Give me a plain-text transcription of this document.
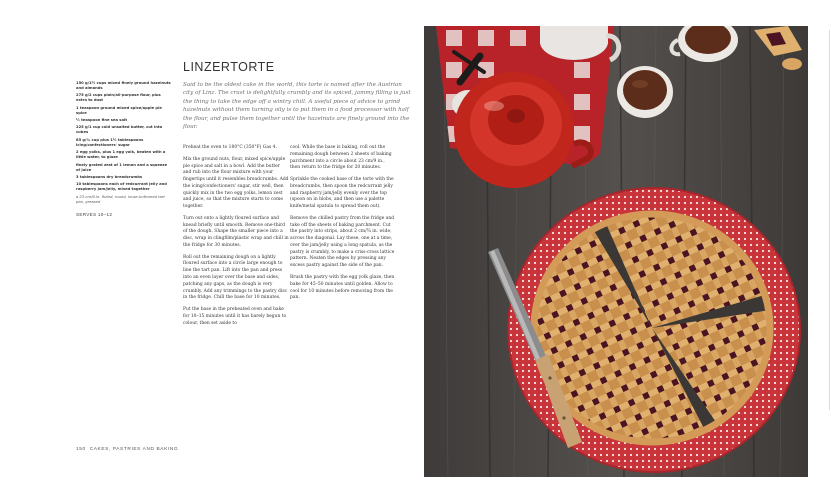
LINZERTORTE
150 g/1½ cups mixed finely ground hazelnuts and almonds
275 g/2 cups plain/all-purpose flour, plus extra to dust
1 teaspoon ground mixed spice/apple pie spice
½ teaspoon fine sea salt
225 g/1 cup cold unsalted butter, cut into cubes
85 g/¾ cup plus 1½ tablespoons icing/confectioners' sugar
2 egg yolks, plus 1 egg yolk, beaten with a little water, to glaze
finely grated zest of 1 lemon and a squeeze of juice
3 tablespoons dry breadcrumbs
10 tablespoons each of redcurrant jelly and raspberry jam/jelly, mixed together
a 23-cm/9-in. fluted, round, loose-bottomed tart pan, greased
SERVES 10–12

Said to be the oldest cake in the world, this torte is named after the Austrian city of Linz. The crust is delightfully crumbly and its spiced, jammy filling is just the thing to take the edge off a wintry chill. A useful piece of advice to grind hazelnuts without them turning oily is to put them in a food processor with half the flour, and pulse them together until the hazelnuts are finely ground into the flour.

Preheat the oven to 180°C (350°F) Gas 4.

Mix the ground nuts, flour, mixed spice/apple pie spice and salt in a bowl. Add the butter and rub into the flour mixture with your fingertips until it resembles breadcrumbs. Add the icing/confectioners' sugar, stir well, then quickly mix in the two egg yolks, lemon zest and juice, so that the mixture starts to come together.

Turn out onto a lightly floured surface and knead briefly until smooth. Remove one-third of the dough. Shape the smaller piece into a disc, wrap in clingfilm/plastic wrap and chill in the fridge for 30 minutes.

Roll out the remaining dough on a lightly floured surface into a circle large enough to line the tart pan. Lift into the pan and press into an even layer over the base and sides, patching any gaps, as the dough is very crumbly. Add any trimmings to the pastry disc in the fridge. Chill the base for 10 minutes.

Put the base in the preheated oven and bake for 10–15 minutes until it has barely begun to colour, then set aside to

cool. While the base is baking, roll out the remaining dough between 2 sheets of baking parchment into a circle about 23 cm/9 in., then return to the fridge for 20 minutes.

Sprinkle the cooked base of the torte with the breadcrumbs, then spoon the redcurrant jelly and raspberry jam/jelly evenly over the top (spoon on in blobs, and then use a palette knife/metal spatula to spread them out).

Remove the chilled pastry from the fridge and take off the sheets of baking parchment. Cut the pastry into strips, about 2 cm/¾ in. wide, across the diagonal. Lay these, one at a time, over the jam/jelly using a long spatula, as the pastry is crumbly, to make a criss-cross lattice pattern. Neaten the edges by pressing any excess pastry against the side of the pan.

Brush the pastry with the egg yolk glaze, then bake for 45–50 minutes until golden. Allow to cool for 10 minutes before removing from the pan.

150 CAKES, PASTRIES AND BAKING
